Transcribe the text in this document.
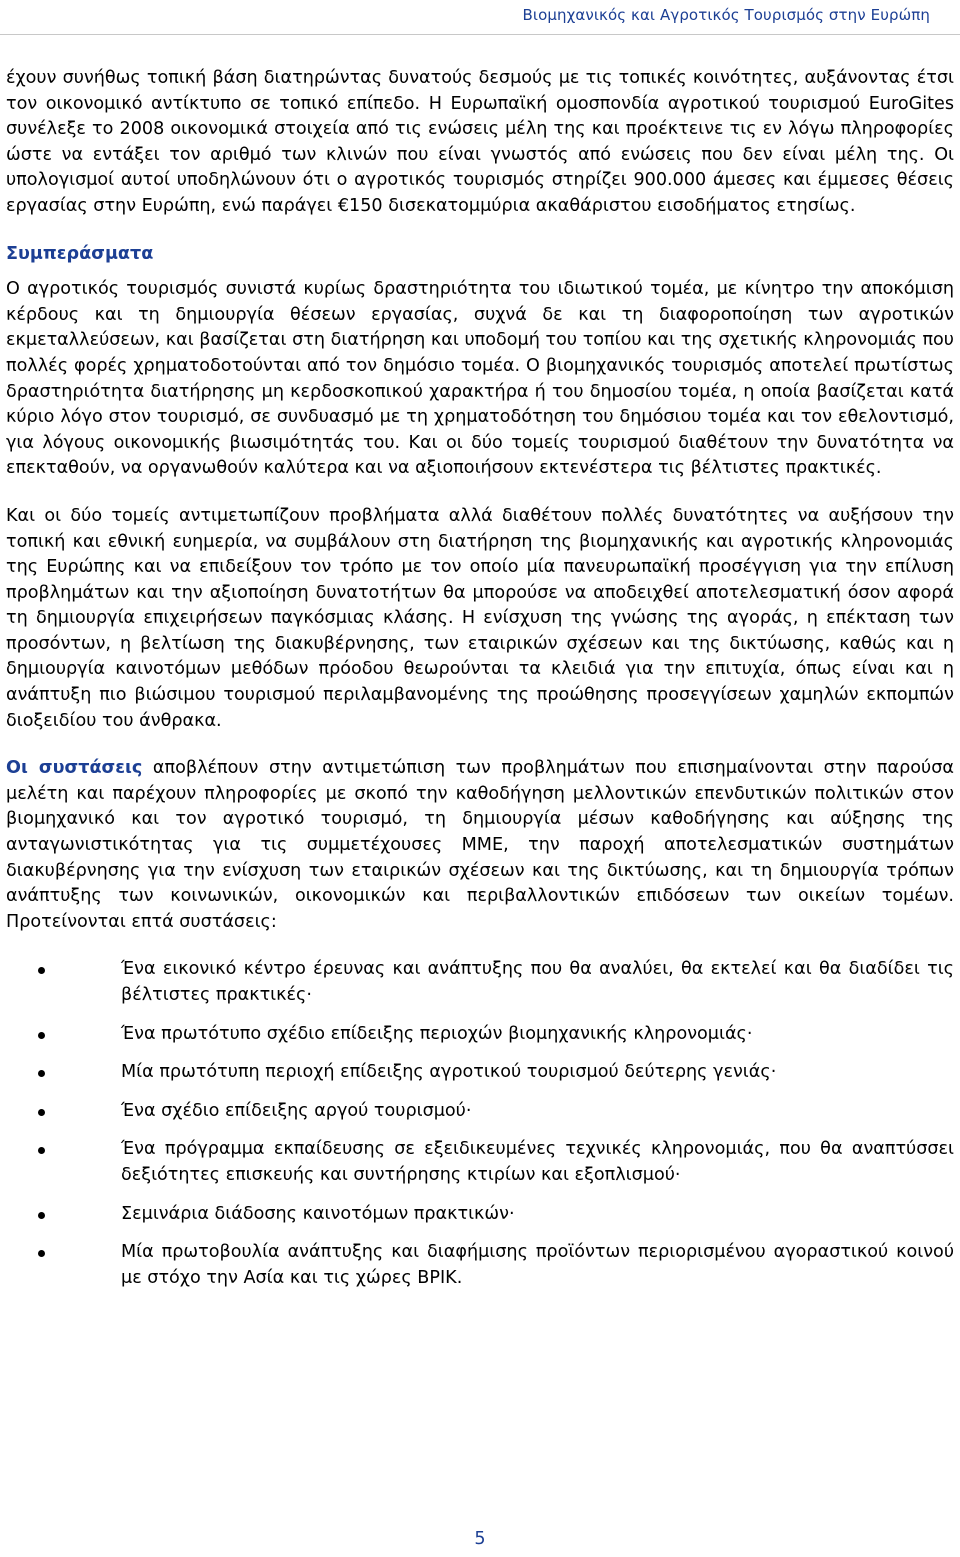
Βιομηχανικός και Αγροτικός Τουρισμός στην Ευρώπη

έχουν συνήθως τοπική βάση διατηρώντας δυνατούς δεσμούς με τις τοπικές κοινότητες, αυξάνοντας έτσι τον οικονομικό αντίκτυπο σε τοπικό επίπεδο. Η Ευρωπαϊκή ομοσπονδία αγροτικού τουρισμού EuroGites συνέλεξε το 2008 οικονομικά στοιχεία από τις ενώσεις μέλη της και προέκτεινε τις εν λόγω πληροφορίες ώστε να εντάξει τον αριθμό των κλινών που είναι γνωστός από ενώσεις που δεν είναι μέλη της. Οι υπολογισμοί αυτοί υποδηλώνουν ότι ο αγροτικός τουρισμός στηρίζει 900.000 άμεσες και έμμεσες θέσεις εργασίας στην Ευρώπη, ενώ παράγει €150 δισεκατομμύρια ακαθάριστου εισοδήματος ετησίως.

Συμπεράσματα

Ο αγροτικός τουρισμός συνιστά κυρίως δραστηριότητα του ιδιωτικού τομέα, με κίνητρο την αποκόμιση κέρδους και τη δημιουργία θέσεων εργασίας, συχνά δε και τη διαφοροποίηση των αγροτικών εκμεταλλεύσεων, και βασίζεται στη διατήρηση και υποδομή του τοπίου και της σχετικής κληρονομιάς που πολλές φορές χρηματοδοτούνται από τον δημόσιο τομέα. Ο βιομηχανικός τουρισμός αποτελεί πρωτίστως δραστηριότητα διατήρησης μη κερδοσκοπικού χαρακτήρα ή του δημοσίου τομέα, η οποία βασίζεται κατά κύριο λόγο στον τουρισμό, σε συνδυασμό με τη χρηματοδότηση του δημόσιου τομέα και τον εθελοντισμό, για λόγους οικονομικής βιωσιμότητάς του. Και οι δύο τομείς τουρισμού διαθέτουν την δυνατότητα να επεκταθούν, να οργανωθούν καλύτερα και να αξιοποιήσουν εκτενέστερα τις βέλτιστες πρακτικές.

Και οι δύο τομείς αντιμετωπίζουν προβλήματα αλλά διαθέτουν πολλές δυνατότητες να αυξήσουν την τοπική και εθνική ευημερία, να συμβάλουν στη διατήρηση της βιομηχανικής και αγροτικής κληρονομιάς της Ευρώπης και να επιδείξουν τον τρόπο με τον οποίο μία πανευρωπαϊκή προσέγγιση για την επίλυση προβλημάτων και την αξιοποίηση δυνατοτήτων θα μπορούσε να αποδειχθεί αποτελεσματική όσον αφορά τη δημιουργία επιχειρήσεων παγκόσμιας κλάσης. Η ενίσχυση της γνώσης της αγοράς, η επέκταση των προσόντων, η βελτίωση της διακυβέρνησης, των εταιρικών σχέσεων και της δικτύωσης, καθώς και η δημιουργία καινοτόμων μεθόδων πρόοδου θεωρούνται τα κλειδιά για την επιτυχία, όπως είναι και η ανάπτυξη πιο βιώσιμου τουρισμού περιλαμβανομένης της προώθησης προσεγγίσεων χαμηλών εκπομπών διοξειδίου του άνθρακα.

Οι συστάσεις αποβλέπουν στην αντιμετώπιση των προβλημάτων που επισημαίνονται στην παρούσα μελέτη και παρέχουν πληροφορίες με σκοπό την καθοδήγηση μελλοντικών επενδυτικών πολιτικών στον βιομηχανικό και τον αγροτικό τουρισμό, τη δημιουργία μέσων καθοδήγησης και αύξησης της ανταγωνιστικότητας για τις συμμετέχουσες ΜΜΕ, την παροχή αποτελεσματικών συστημάτων διακυβέρνησης για την ενίσχυση των εταιρικών σχέσεων και της δικτύωσης, και τη δημιουργία τρόπων ανάπτυξης των κοινωνικών, οικονομικών και περιβαλλοντικών επιδόσεων των οικείων τομέων. Προτείνονται επτά συστάσεις:

Ένα εικονικό κέντρο έρευνας και ανάπτυξης που θα αναλύει, θα εκτελεί και θα διαδίδει τις βέλτιστες πρακτικές·
Ένα πρωτότυπο σχέδιο επίδειξης περιοχών βιομηχανικής κληρονομιάς·
Μία πρωτότυπη περιοχή επίδειξης αγροτικού τουρισμού δεύτερης γενιάς·
Ένα σχέδιο επίδειξης αργού τουρισμού·
Ένα πρόγραμμα εκπαίδευσης σε εξειδικευμένες τεχνικές κληρονομιάς, που θα αναπτύσσει δεξιότητες επισκευής και συντήρησης κτιρίων και εξοπλισμού·
Σεμινάρια διάδοσης καινοτόμων πρακτικών·
Μία πρωτοβουλία ανάπτυξης και διαφήμισης προϊόντων περιορισμένου αγοραστικού κοινού με στόχο την Ασία και τις χώρες ΒΡΙΚ.
5
